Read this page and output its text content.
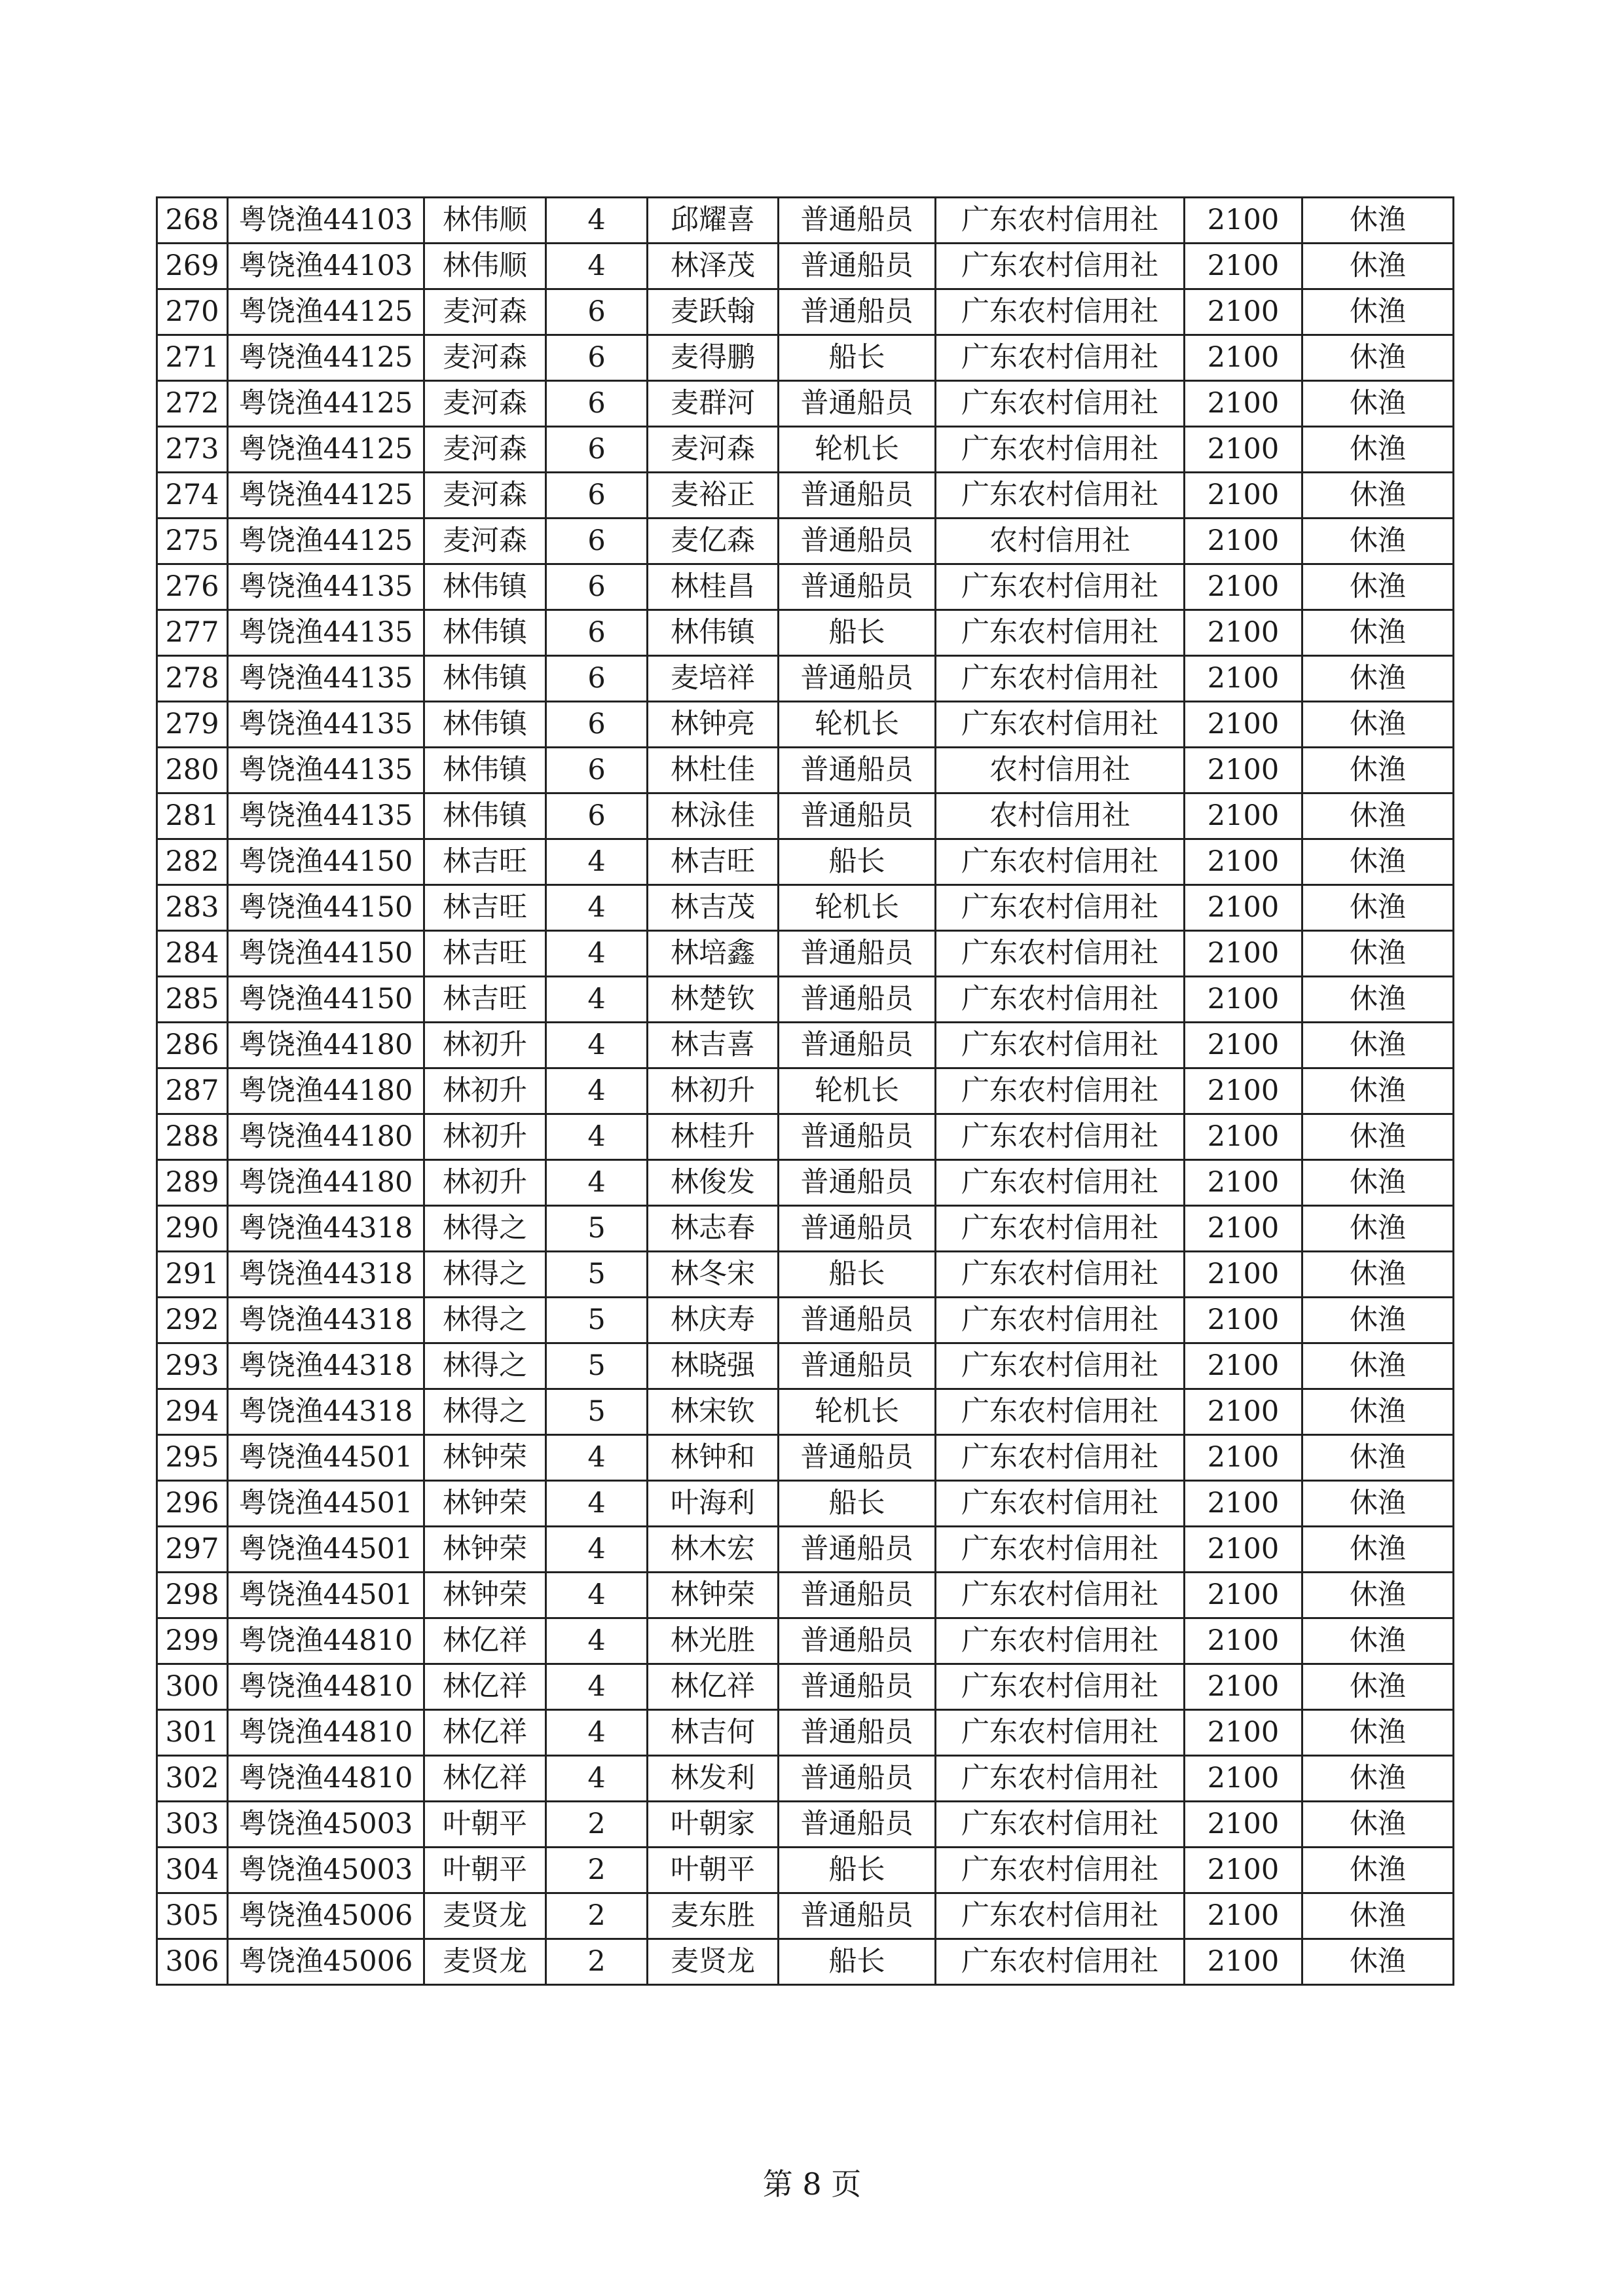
268	粤饶渔44103	林伟顺	4	邱耀喜	普通船员	广东农村信用社	2100	休渔
269	粤饶渔44103	林伟顺	4	林泽茂	普通船员	广东农村信用社	2100	休渔
270	粤饶渔44125	麦河森	6	麦跃翰	普通船员	广东农村信用社	2100	休渔
271	粤饶渔44125	麦河森	6	麦得鹏	船长	广东农村信用社	2100	休渔
272	粤饶渔44125	麦河森	6	麦群河	普通船员	广东农村信用社	2100	休渔
273	粤饶渔44125	麦河森	6	麦河森	轮机长	广东农村信用社	2100	休渔
274	粤饶渔44125	麦河森	6	麦裕正	普通船员	广东农村信用社	2100	休渔
275	粤饶渔44125	麦河森	6	麦亿森	普通船员	农村信用社	2100	休渔
276	粤饶渔44135	林伟镇	6	林桂昌	普通船员	广东农村信用社	2100	休渔
277	粤饶渔44135	林伟镇	6	林伟镇	船长	广东农村信用社	2100	休渔
278	粤饶渔44135	林伟镇	6	麦培祥	普通船员	广东农村信用社	2100	休渔
279	粤饶渔44135	林伟镇	6	林钟亮	轮机长	广东农村信用社	2100	休渔
280	粤饶渔44135	林伟镇	6	林杜佳	普通船员	农村信用社	2100	休渔
281	粤饶渔44135	林伟镇	6	林泳佳	普通船员	农村信用社	2100	休渔
282	粤饶渔44150	林吉旺	4	林吉旺	船长	广东农村信用社	2100	休渔
283	粤饶渔44150	林吉旺	4	林吉茂	轮机长	广东农村信用社	2100	休渔
284	粤饶渔44150	林吉旺	4	林培鑫	普通船员	广东农村信用社	2100	休渔
285	粤饶渔44150	林吉旺	4	林楚钦	普通船员	广东农村信用社	2100	休渔
286	粤饶渔44180	林初升	4	林吉喜	普通船员	广东农村信用社	2100	休渔
287	粤饶渔44180	林初升	4	林初升	轮机长	广东农村信用社	2100	休渔
288	粤饶渔44180	林初升	4	林桂升	普通船员	广东农村信用社	2100	休渔
289	粤饶渔44180	林初升	4	林俊发	普通船员	广东农村信用社	2100	休渔
290	粤饶渔44318	林得之	5	林志春	普通船员	广东农村信用社	2100	休渔
291	粤饶渔44318	林得之	5	林冬宋	船长	广东农村信用社	2100	休渔
292	粤饶渔44318	林得之	5	林庆寿	普通船员	广东农村信用社	2100	休渔
293	粤饶渔44318	林得之	5	林晓强	普通船员	广东农村信用社	2100	休渔
294	粤饶渔44318	林得之	5	林宋钦	轮机长	广东农村信用社	2100	休渔
295	粤饶渔44501	林钟荣	4	林钟和	普通船员	广东农村信用社	2100	休渔
296	粤饶渔44501	林钟荣	4	叶海利	船长	广东农村信用社	2100	休渔
297	粤饶渔44501	林钟荣	4	林木宏	普通船员	广东农村信用社	2100	休渔
298	粤饶渔44501	林钟荣	4	林钟荣	普通船员	广东农村信用社	2100	休渔
299	粤饶渔44810	林亿祥	4	林光胜	普通船员	广东农村信用社	2100	休渔
300	粤饶渔44810	林亿祥	4	林亿祥	普通船员	广东农村信用社	2100	休渔
301	粤饶渔44810	林亿祥	4	林吉何	普通船员	广东农村信用社	2100	休渔
302	粤饶渔44810	林亿祥	4	林发利	普通船员	广东农村信用社	2100	休渔
303	粤饶渔45003	叶朝平	2	叶朝家	普通船员	广东农村信用社	2100	休渔
304	粤饶渔45003	叶朝平	2	叶朝平	船长	广东农村信用社	2100	休渔
305	粤饶渔45006	麦贤龙	2	麦东胜	普通船员	广东农村信用社	2100	休渔
306	粤饶渔45006	麦贤龙	2	麦贤龙	船长	广东农村信用社	2100	休渔
第 8 页
